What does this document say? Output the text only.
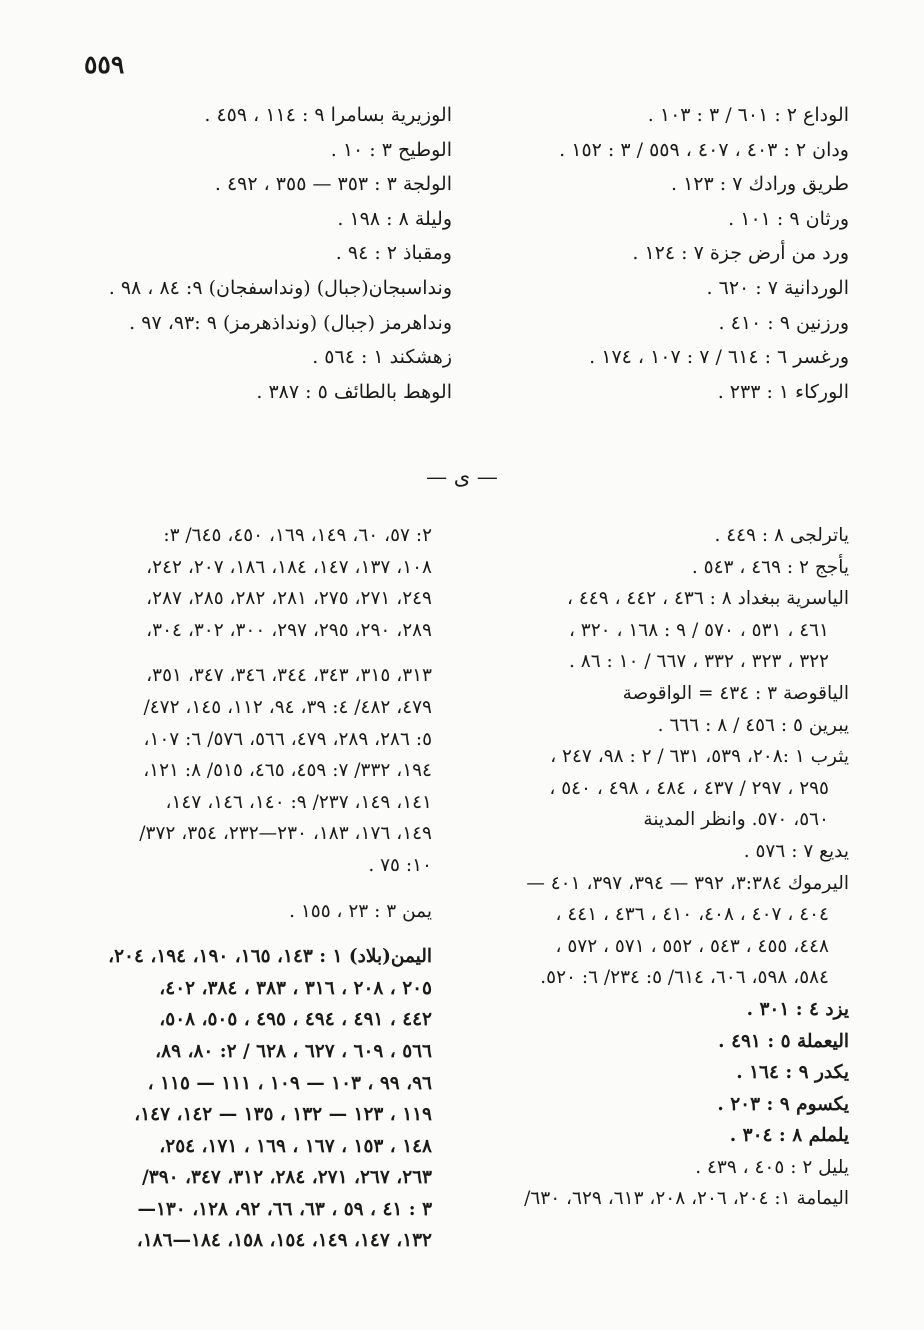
٥٥٩
الوداع ٢ : ٦٠١ / ٣ : ١٠٣ .
ودان ٢ : ٤٠٣ ، ٤٠٧ ، ٥٥٩ / ٣ : ١٥٢ .
طريق ورادك ٧ : ١٢٣ .
ورثان ٩ : ١٠١ .
ورد من أرض جزة ٧ : ١٢٤ .
الوردانية ٧ : ٦٢٠ .
ورزنين ٩ : ٤١٠ .
ورغسر ٦ : ٦١٤ / ٧ : ١٠٧ ، ١٧٤ .
الوركاء ١ : ٢٣٣ .
الوزيرية بسامرا ٩ : ١١٤ ، ٤٥٩ .
الوطيح ٣ : ١٠ .
الولجة ٣ : ٣٥٣ — ٣٥٥ ، ٤٩٢ .
وليلة ٨ : ١٩٨ .
ومقباذ ٢ : ٩٤ .
ونداسبجان(جبال) (ونداسفجان) ٩: ٨٤ ، ٩٨ .
ونداهرمز (جبال) (ونداذهرمز) ٩ :٩٣، ٩٧ .
زهشكند ١ : ٥٦٤ .
الوهط بالطائف ٥ : ٣٨٧ .
— ى —
ياترلجى ٨ : ٤٤٩ .
يأجج ٢ : ٤٦٩ ، ٥٤٣ .
الياسرية ببغداد ٨ : ٤٣٦ ، ٤٤٢ ، ٤٤٩ ،
٤٦١ ، ٥٣١ ، ٥٧٠ / ٩ : ١٦٨ ، ٣٢٠ ،
٣٢٢ ، ٣٢٣ ، ٣٣٢ ، ٦٦٧ / ١٠ : ٨٦ .
الياقوصة ٣ : ٤٣٤ = الواقوصة
يبرين ٥ : ٤٥٦ / ٨ : ٦٦٦ .
يثرب ١ :٢٠٨، ٥٣٩، ٦٣١ / ٢ : ٩٨، ٢٤٧ ،
٢٩٥ ، ٢٩٧ / ٤٣٧ ، ٤٨٤ ، ٤٩٨ ، ٥٤٠ ،
٥٦٠، ٥٧٠. وانظر المدينة
يديع ٧ : ٥٧٦ .
اليرموك ٣:٣٨٤، ٣٩٢ — ٣٩٤، ٣٩٧، ٤٠١ —
٤٠٤ ، ٤٠٧ ، ٤٠٨، ٤١٠ ، ٤٣٦ ، ٤٤١ ،
٤٤٨، ٤٥٥ ، ٥٤٣ ، ٥٥٢ ، ٥٧١ ، ٥٧٢ ،
٥٨٤، ٥٩٨، ٦٠٦، ٦١٤/ ٥: ٢٣٤/ ٦: ٥٢٠.
يزد ٤ : ٣٠١ .
اليعملة ٥ : ٤٩١ .
يكدر ٩ : ١٦٤ .
يكسوم ٩ : ٢٠٣ .
يلملم ٨ : ٣٠٤ .
يليل ٢ : ٤٠٥ ، ٤٣٩ .
اليمامة ١: ٢٠٤، ٢٠٦، ٢٠٨، ٦١٣، ٦٢٩، ٦٣٠/
٢: ٥٧، ٦٠، ١٤٩، ١٦٩، ٤٥٠، ٦٤٥/ ٣:
١٠٨، ١٣٧، ١٤٧، ١٨٤، ١٨٦، ٢٠٧، ٢٤٢،
٢٤٩، ٢٧١، ٢٧٥، ٢٨١، ٢٨٢، ٢٨٥، ٢٨٧،
٢٨٩، ٢٩٠، ٢٩٥، ٢٩٧، ٣٠٠، ٣٠٢، ٣٠٤،
٣١٣، ٣١٥، ٣٤٣، ٣٤٤، ٣٤٦، ٣٤٧، ٣٥١،
٤٧٩، ٤٨٢/ ٤: ٣٩، ٩٤، ١١٢، ١٤٥، ٤٧٢/
٥: ٢٨٦، ٢٨٩، ٤٧٩، ٥٦٦، ٥٧٦/ ٦: ١٠٧،
١٩٤، ٣٣٢/ ٧: ٤٥٩، ٤٦٥، ٥١٥/ ٨: ١٢١،
١٤١، ١٤٩، ٢٣٧/ ٩: ١٤٠، ١٤٦، ١٤٧،
١٤٩، ١٧٦، ١٨٣، ٢٣٠—٢٣٢، ٣٥٤، ٣٧٢/
١٠: ٧٥ .
يمن ٣ : ٢٣ ، ١٥٥ .
اليمن(بلاد) ١ : ١٤٣، ١٦٥، ١٩٠، ١٩٤، ٢٠٤،
٢٠٥ ، ٢٠٨ ، ٣١٦ ، ٣٨٣ ، ٣٨٤، ٤٠٢،
٤٤٢ ، ٤٩١ ، ٤٩٤ ، ٤٩٥ ، ٥٠٥، ٥٠٨،
٥٦٦ ، ٦٠٩ ، ٦٢٧ ، ٦٢٨ / ٢: ٨٠، ٨٩،
٩٦، ٩٩ ، ١٠٣ — ١٠٩ ، ١١١ — ١١٥ ،
١١٩ ، ١٢٣ — ١٣٢ ، ١٣٥ — ١٤٢، ١٤٧،
١٤٨ ، ١٥٣ ، ١٦٧ ، ١٦٩ ، ١٧١، ٢٥٤،
٢٦٣، ٢٦٧، ٢٧١، ٢٨٤، ٣١٢، ٣٤٧، ٣٩٠/
٣ : ٤١ ، ٥٩ ، ٦٣، ٦٦، ٩٢، ١٢٨، ١٣٠—
١٣٢، ١٤٧، ١٤٩، ١٥٤، ١٥٨، ١٨٤—١٨٦،
